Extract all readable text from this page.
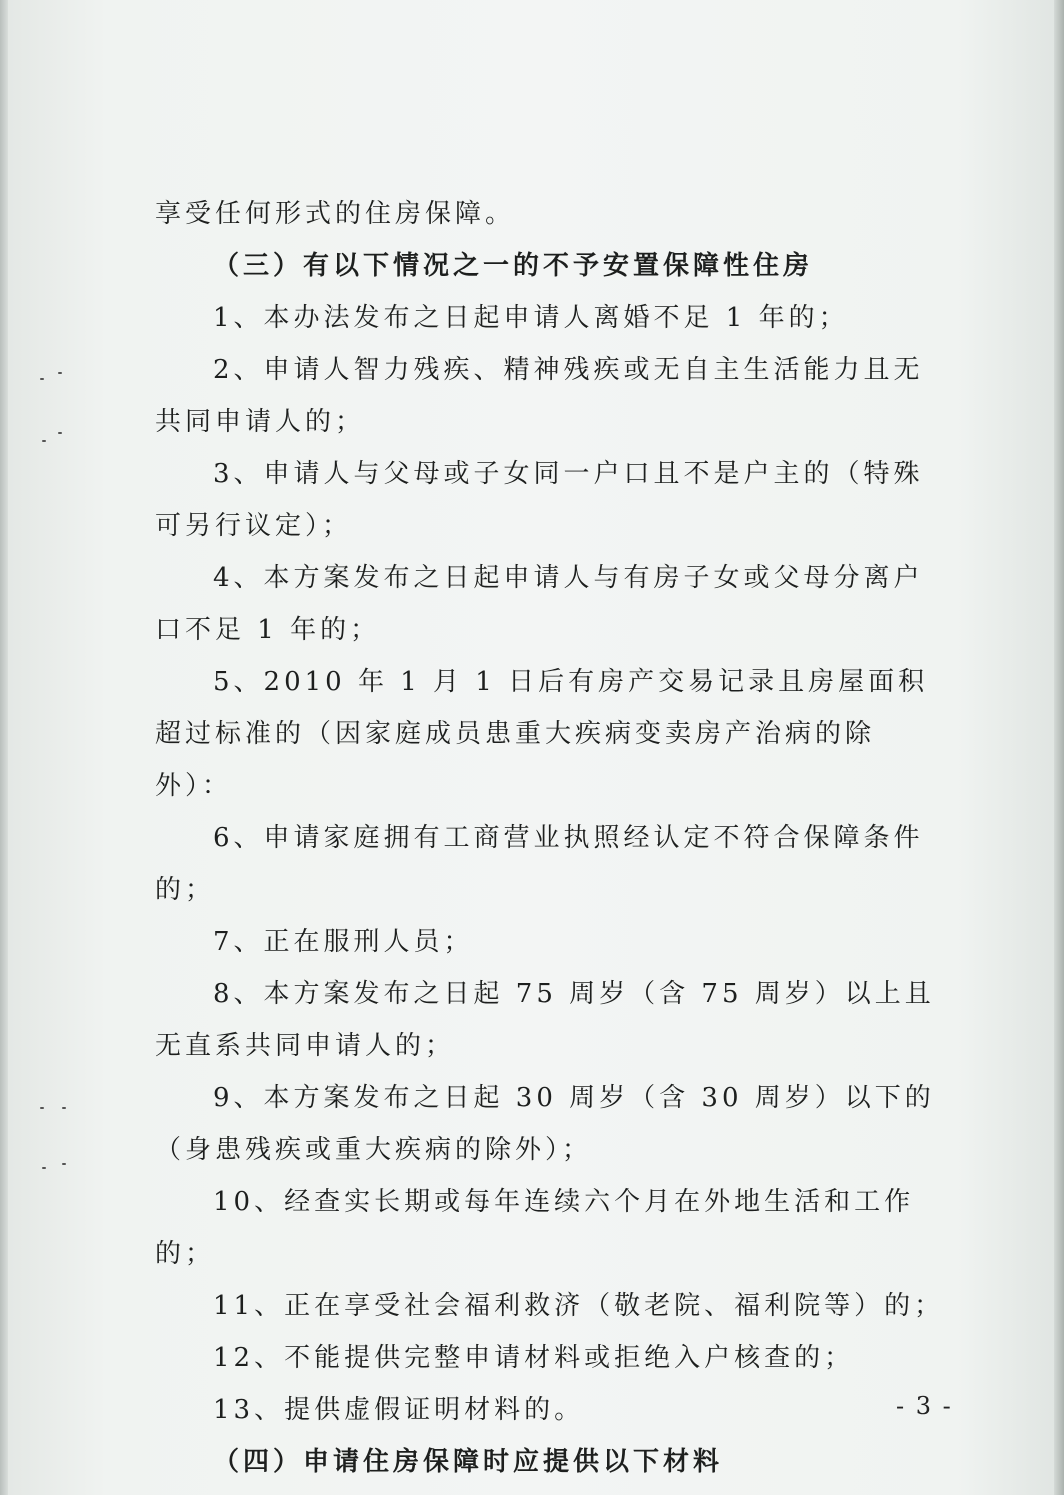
享受任何形式的住房保障。

（三）有以下情况之一的不予安置保障性住房

1、本办法发布之日起申请人离婚不足 1 年的；

2、申请人智力残疾、精神残疾或无自主生活能力且无共同申请人的；

3、申请人与父母或子女同一户口且不是户主的（特殊可另行议定）；

4、本方案发布之日起申请人与有房子女或父母分离户口不足 1 年的；

5、2010 年 1 月 1 日后有房产交易记录且房屋面积超过标准的（因家庭成员患重大疾病变卖房产治病的除外）：

6、申请家庭拥有工商营业执照经认定不符合保障条件的；

7、正在服刑人员；

8、本方案发布之日起 75 周岁（含 75 周岁）以上且无直系共同申请人的；

9、本方案发布之日起 30 周岁（含 30 周岁）以下的（身患残疾或重大疾病的除外）；

10、经查实长期或每年连续六个月在外地生活和工作的；

11、正在享受社会福利救济（敬老院、福利院等）的；

12、不能提供完整申请材料或拒绝入户核查的；

13、提供虚假证明材料的。

（四）申请住房保障时应提供以下材料

- 3 -
